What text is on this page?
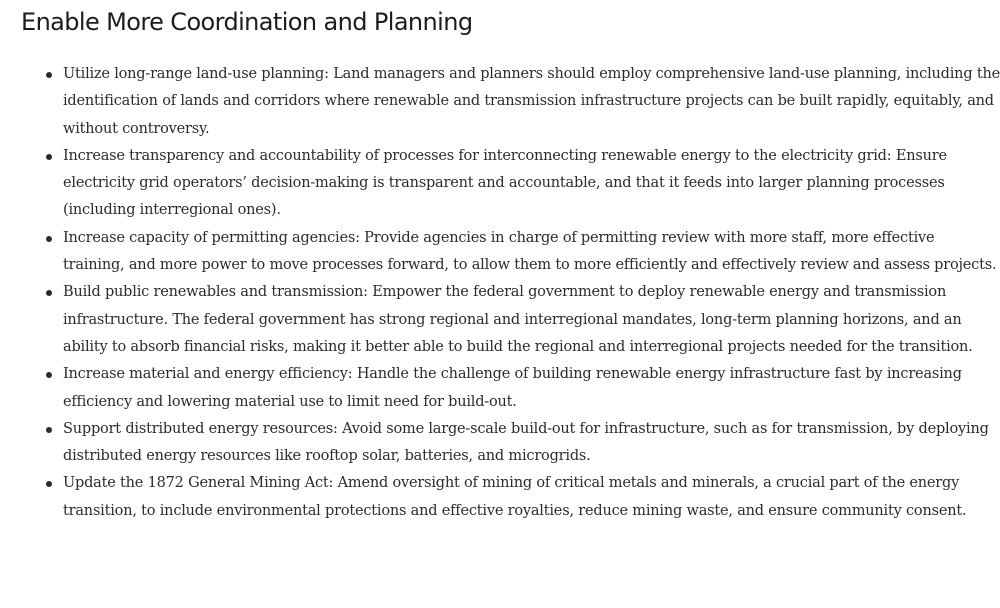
Enable More Coordination and Planning
Utilize long-range land-use planning: Land managers and planners should employ comprehensive land-use planning, including the identification of lands and corridors where renewable and transmission infrastructure projects can be built rapidly, equitably, and without controversy.
Increase transparency and accountability of processes for interconnecting renewable energy to the electricity grid: Ensure electricity grid operators’ decision-making is transparent and accountable, and that it feeds into larger planning processes (including interregional ones).
Increase capacity of permitting agencies: Provide agencies in charge of permitting review with more staff, more effective training, and more power to move processes forward, to allow them to more efficiently and effectively review and assess projects.
Build public renewables and transmission: Empower the federal government to deploy renewable energy and transmission infrastructure. The federal government has strong regional and interregional mandates, long-term planning horizons, and an ability to absorb financial risks, making it better able to build the regional and interregional projects needed for the transition.
Increase material and energy efficiency: Handle the challenge of building renewable energy infrastructure fast by increasing efficiency and lowering material use to limit need for build-out.
Support distributed energy resources: Avoid some large-scale build-out for infrastructure, such as for transmission, by deploying distributed energy resources like rooftop solar, batteries, and microgrids.
Update the 1872 General Mining Act: Amend oversight of mining of critical metals and minerals, a crucial part of the energy transition, to include environmental protections and effective royalties, reduce mining waste, and ensure community consent.
